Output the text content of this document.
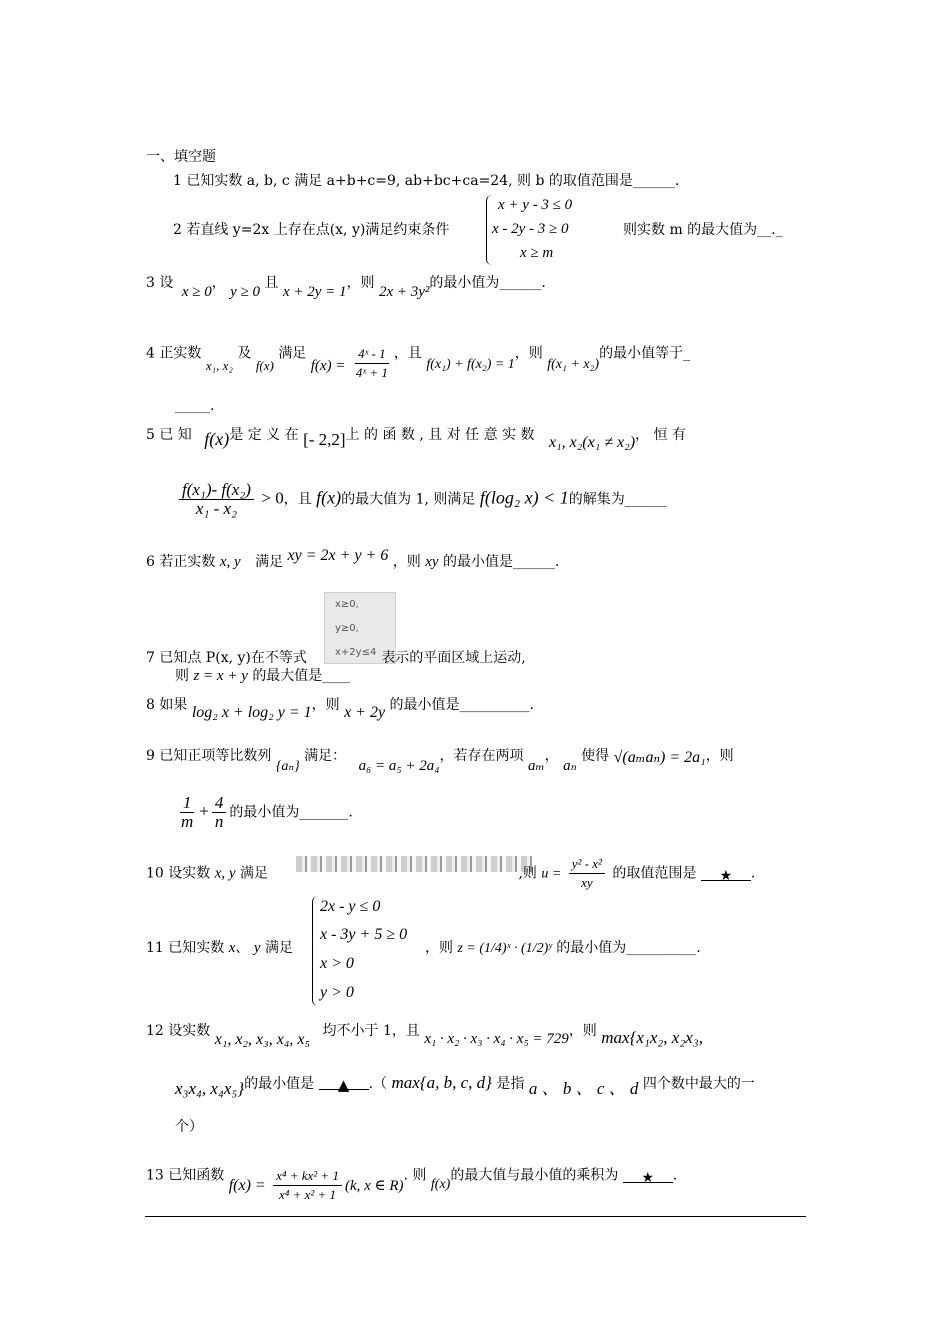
一、填空题
1 已知实数 a, b, c 满足 a+b+c=9, ab+bc+ca=24, 则 b 的取值范围是______.
2 若直线 y=2x 上存在点(x, y)满足约束条件
x + y - 3 ≤ 0
x - 2y - 3 ≥ 0
x ≥ m
则实数 m 的最大值为__._
3 设 x ≥ 0， y ≥ 0 且 x + 2y = 1，则 2x + 3y²的最小值为______.
4 正实数 x₁, x₂ 及 f(x) 满足 $f(x) = \frac{\text{4ˣ - 1}}{\text{4ˣ + 1}}$ ，且 f(x₁) + f(x₂) = 1，则 f(x₁ + x₂)的最小值等于_
_____.
5 已 知 f(x)是 定 义 在 [- 2,2]上 的 函 数 , 且 对 任 意 实 数 x₁, x₂(x₁ ≠ x₂)， 恒 有
$\frac{\text{f(x₁)- f(x₂)}}{\text{x₁ - x₂}} > 0$，且 f(x)的最大值为 1, 则满足 f(log₂ x) < 1的解集为______
6 若正实数 x, y 满足 xy = 2x + y + 6 ，则 xy 的最小值是______.
x≥0,
y≥0,
x+2y≤4
7 已知点 P(x, y)在不等式	表示的平面区域上运动,
则 z = x + y 的最大值是____
8 如果 log₂ x + log₂ y = 1，则 x + 2y 的最小值是__________.
9 已知正项等比数列 {aₙ} 满足： a₆ = a₅ + 2a₄，若存在两项 aₘ， aₙ 使得 √(aₘaₙ) = 2a₁，则
$\frac{1}{m} + \frac{4}{n}$ 的最小值为_______.
10 设实数 x, y 满足	,则 $u = \frac{\text{y² - x²}}{xy}$ 的取值范围是 ★ .
11 已知实数 x、 y 满足
2x - y ≤ 0
x - 3y + 5 ≥ 0
x > 0
y > 0
，则 z = (1/4)ˣ · (1/2)ʸ 的最小值为__________.
12 设实数 x₁, x₂, x₃, x₄, x₅ 均不小于 1，且 x₁ · x₂ · x₃ · x₄ · x₅ = 729，则 max{x₁x₂, x₂x₃,
x₃x₄, x₄x₅}的最小值是 ▲ .（ max{a, b, c, d} 是指 a 、 b 、 c 、 d 四个数中最大的一
个）
13 已知函数 $f(x) = \frac{\text{x⁴ + kx² + 1}}{\text{x⁴ + x² + 1}} (k$, x ∈ R). 则 f(x)的最大值与最小值的乘积为 ★ .
